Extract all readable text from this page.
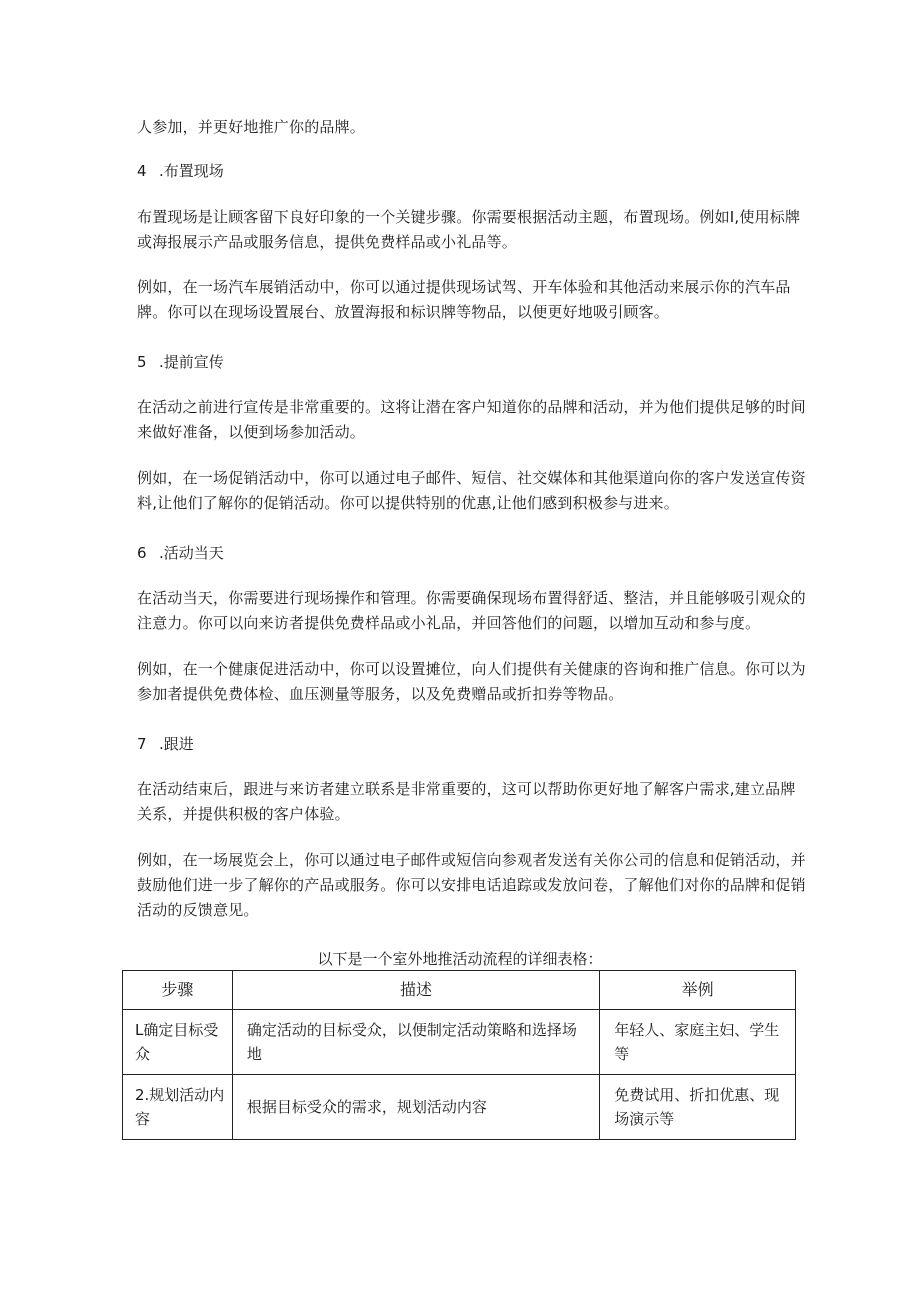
人参加，并更好地推广你的品牌。

4 .布置现场

布置现场是让顾客留下良好印象的一个关键步骤。你需要根据活动主题，布置现场。例如I,使用标牌或海报展示产品或服务信息，提供免费样品或小礼品等。

例如，在一场汽车展销活动中，你可以通过提供现场试驾、开车体验和其他活动来展示你的汽车品牌。你可以在现场设置展台、放置海报和标识牌等物品，以便更好地吸引顾客。

5 .提前宣传

在活动之前进行宣传是非常重要的。这将让潜在客户知道你的品牌和活动，并为他们提供足够的时间来做好准备，以便到场参加活动。

例如，在一场促销活动中，你可以通过电子邮件、短信、社交媒体和其他渠道向你的客户发送宣传资料,让他们了解你的促销活动。你可以提供特别的优惠,让他们感到积极参与进来。

6 .活动当天

在活动当天，你需要进行现场操作和管理。你需要确保现场布置得舒适、整洁，并且能够吸引观众的注意力。你可以向来访者提供免费样品或小礼品，并回答他们的问题，以增加互动和参与度。

例如，在一个健康促进活动中，你可以设置摊位，向人们提供有关健康的咨询和推广信息。你可以为参加者提供免费体检、血压测量等服务，以及免费赠品或折扣券等物品。

7 .跟进

在活动结束后，跟进与来访者建立联系是非常重要的，这可以帮助你更好地了解客户需求,建立品牌关系，并提供积极的客户体验。

例如，在一场展览会上，你可以通过电子邮件或短信向参观者发送有关你公司的信息和促销活动，并鼓励他们进一步了解你的产品或服务。你可以安排电话追踪或发放问卷，了解他们对你的品牌和促销活动的反馈意见。

以下是一个室外地推活动流程的详细表格：
步骤	描述	举例

L确定目标受众	确定活动的目标受众，以便制定活动策略和选择场地	年轻人、家庭主妇、学生等

2.规划活动内容	根据目标受众的需求，规划活动内容	免费试用、折扣优惠、现场演示等
